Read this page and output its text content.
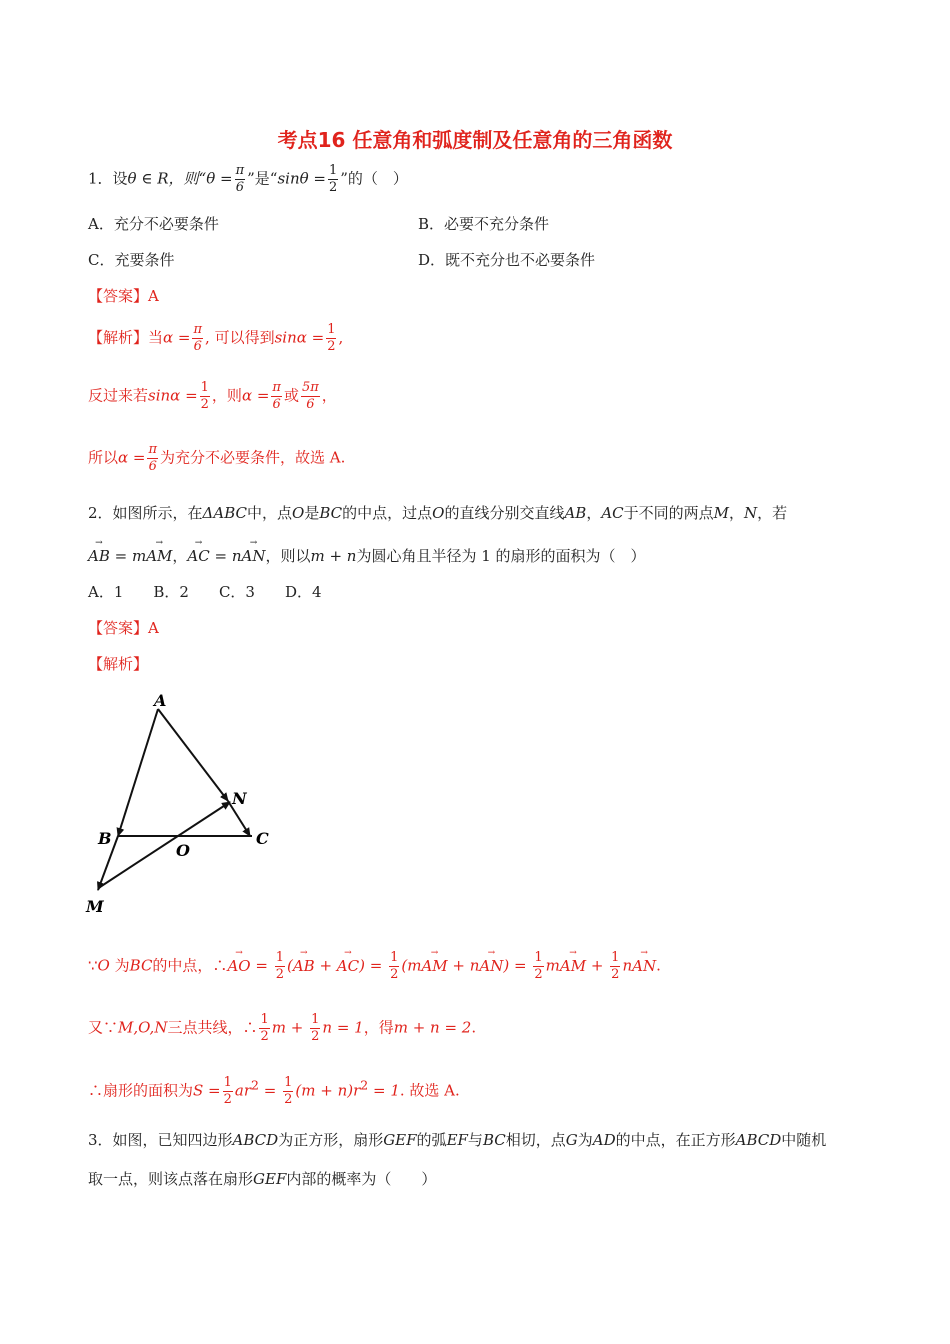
考点16 任意角和弧度制及任意角的三角函数
1．设θ ∈ R，则“$\theta = \frac{\pi}{6}$ ”是“$\sin\theta = \frac{1}{2}$ ”的（　）
A．充分不必要条件	B．必要不充分条件
C．充要条件	D．既不充分也不必要条件
【答案】A
【解析】当$\alpha = \frac{\pi}{6}$ , 可以得到$\sin\alpha = \frac{1}{2}$ ,
反过来若$\sin\alpha = \frac{1}{2}$ ，则$\alpha = \frac{\pi}{6}$ 或 $\frac{5\pi}{6}$ ，
所以$\alpha = \frac{\pi}{6}$ 为充分不必要条件，故选 A.
2．如图所示，在ΔABC中，点O是BC的中点，过点O的直线分别交直线AB，AC于不同的两点M，N，若
→ AB = m→ AM，→ AC = n→ AN，则以m + n为圆心角且半径为 1 的扇形的面积为（　）
A．1　　B．2　　C．3　　D．4
【答案】A
【解析】
A
B	C
N
O
M
∵O 为BC的中点，∴→ AO = $\frac{1}{2}$ (→ AB + → $AC) = \frac{1}{2} (m\to$ AM + $n\to AN) = \frac{1}{2} m\to$ AM + $\frac{1}{2} n\to$ AN.
又∵M,O,N三点共线，∴ $\frac{1}{2}$ $m + \frac{1}{2}$ n = 1，得m + n = 2.
∴扇形的面积为$S = \frac{1}{2} ar^2 = \frac{1}{2} (m + n)r^2 = 1$. 故选 A.
3．如图，已知四边形ABCD为正方形，扇形GEF的弧EF与BC相切，点G为AD的中点，在正方形ABCD中随机
取一点，则该点落在扇形GEF内部的概率为（　　）
